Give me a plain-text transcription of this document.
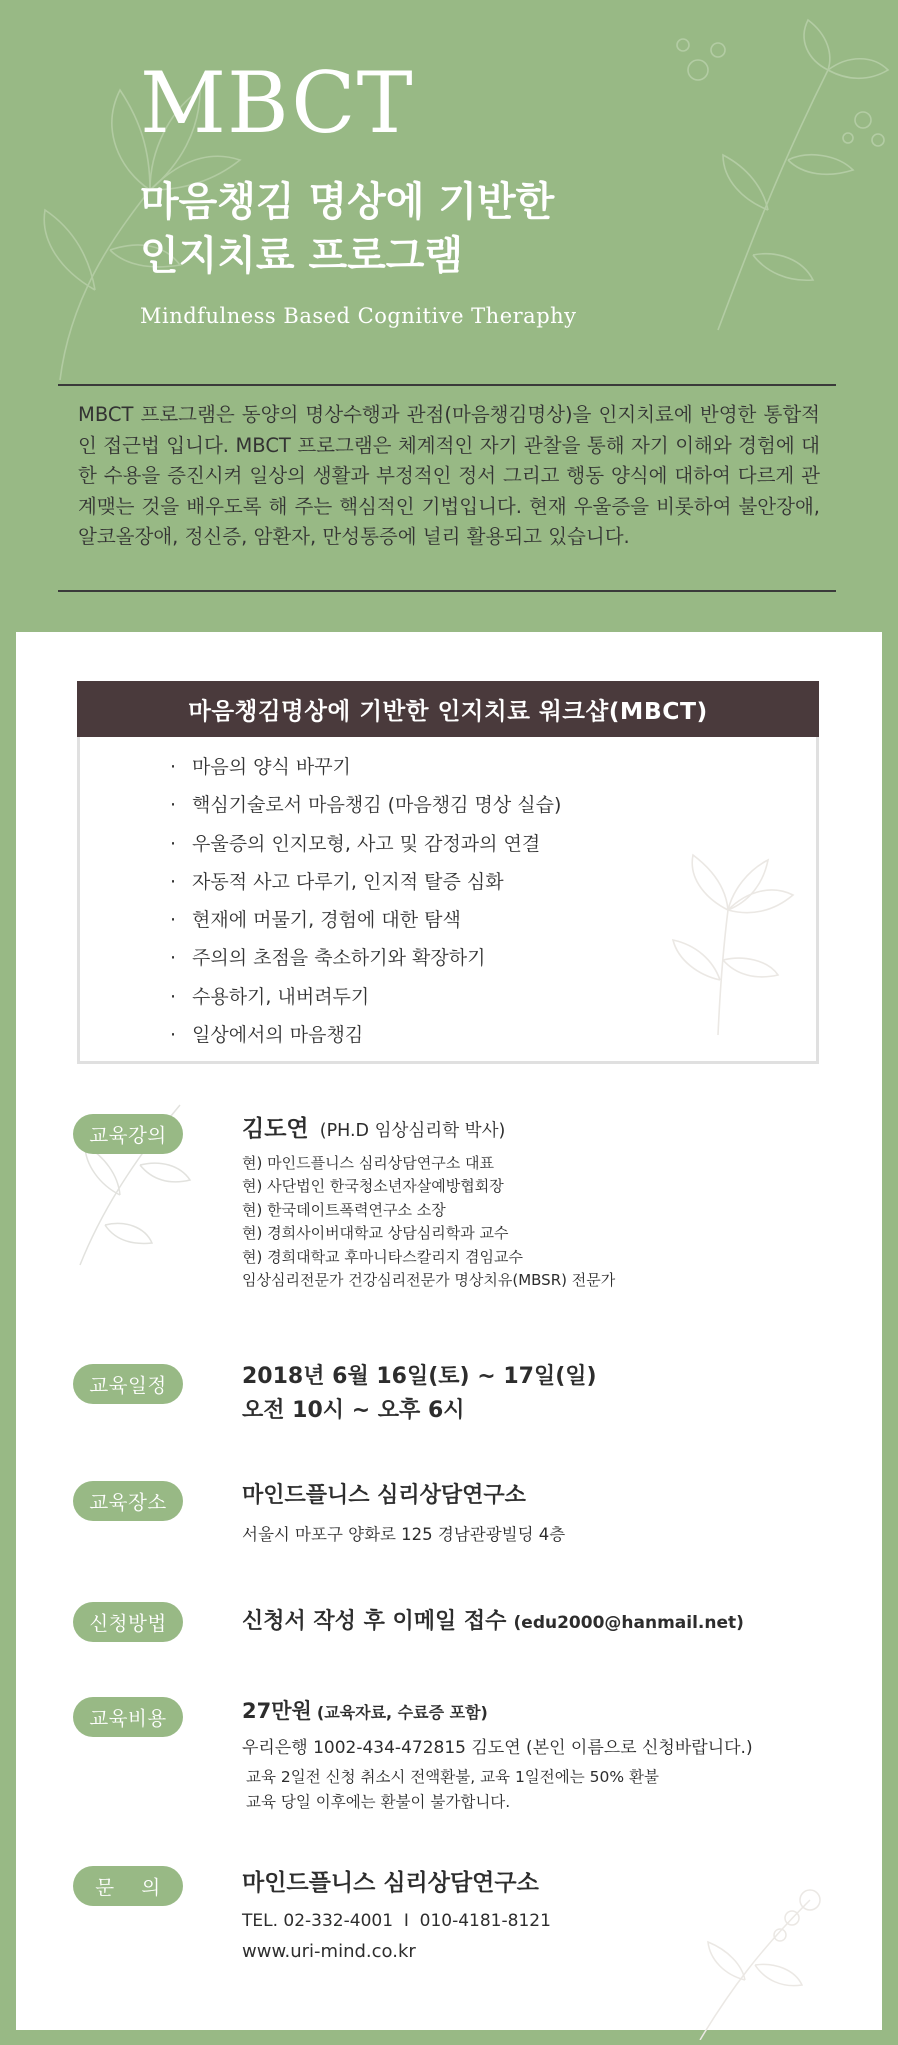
MBCT
마음챙김 명상에 기반한
인지치료 프로그램
Mindfulness Based Cognitive Theraphy

MBCT 프로그램은 동양의 명상수행과 관점(마음챙김명상)을 인지치료에 반영한 통합적인 접근법 입니다. MBCT 프로그램은 체계적인 자기 관찰을 통해 자기 이해와 경험에 대한 수용을 증진시켜 일상의 생활과 부정적인 정서 그리고 행동 양식에 대하여 다르게 관계맺는 것을 배우도록 해 주는 핵심적인 기법입니다. 현재 우울증을 비롯하여 불안장애, 알코올장애, 정신증, 암환자, 만성통증에 널리 활용되고 있습니다.

마음챙김명상에 기반한 인지치료 워크샵(MBCT)
· 마음의 양식 바꾸기
· 핵심기술로서 마음챙김 (마음챙김 명상 실습)
· 우울증의 인지모형, 사고 및 감정과의 연결
· 자동적 사고 다루기, 인지적 탈증 심화
· 현재에 머물기, 경험에 대한 탐색
· 주의의 초점을 축소하기와 확장하기
· 수용하기, 내버려두기
· 일상에서의 마음챙김
교육강의	김도연 (PH.D 임상심리학 박사)
현) 마인드플니스 심리상담연구소 대표
현) 사단법인 한국청소년자살예방협회장
현) 한국데이트폭력연구소 소장
현) 경희사이버대학교 상담심리학과 교수
현) 경희대학교 후마니타스칼리지 겸임교수
임상심리전문가 건강심리전문가 명상치유(MBSR) 전문가
교육일정	2018년 6월 16일(토) ~ 17일(일)
오전 10시 ~ 오후 6시
교육장소	마인드플니스 심리상담연구소
서울시 마포구 양화로 125 경남관광빌딩 4층
신청방법	신청서 작성 후 이메일 접수 (edu2000@hanmail.net)
교육비용	27만원 (교육자료, 수료증 포함)
우리은행 1002-434-472815 김도연 (본인 이름으로 신청바랍니다.)
교육 2일전 신청 취소시 전액환불, 교육 1일전에는 50% 환불
교육 당일 이후에는 환불이 불가합니다.
문    의	마인드플니스 심리상담연구소
TEL. 02-332-4001  I  010-4181-8121
www.uri-mind.co.kr
